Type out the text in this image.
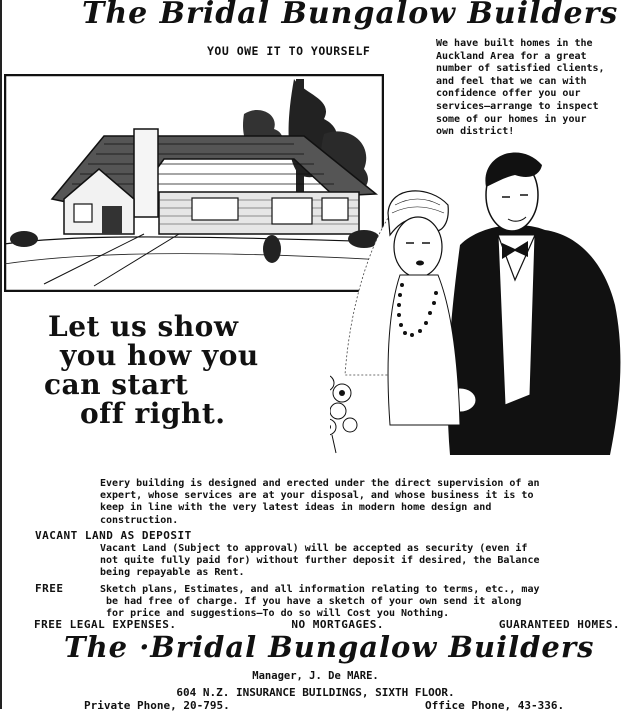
The Bridal Bungalow Builders
YOU OWE IT TO YOURSELF
We have built homes in the
Auckland Area for a great
number of satisfied clients,
and feel that we can with
confidence offer you our
services—arrange to inspect
some of our homes in your
own district!
Let us show
you how you
can start
off right.
Every building is designed and erected under the direct supervision of an
expert, whose services are at your disposal, and whose business it is to
keep in line with the very latest ideas in modern home design and
construction.
VACANT LAND AS DEPOSIT
Vacant Land (Subject to approval) will be accepted as security (even if
not quite fully paid for) without further deposit if desired, the Balance
being repayable as Rent.
FREE	Sketch plans, Estimates, and all information relating to terms, etc., may
be had free of charge. If you have a sketch of your own send it along
for price and suggestions—To do so will Cost you Nothing.
FREE LEGAL EXPENSES.	NO MORTGAGES.	GUARANTEED HOMES.
The ·Bridal Bungalow Builders
Manager, J. De MARE.
604 N.Z. INSURANCE BUILDINGS, SIXTH FLOOR.
Private Phone, 20-795.	Office Phone, 43-336.
